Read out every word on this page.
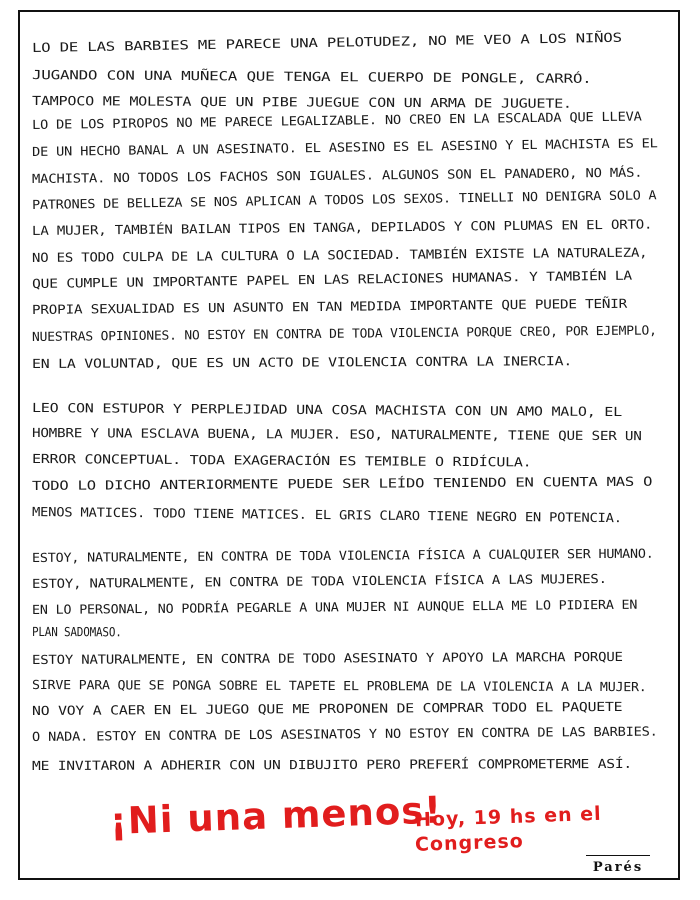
LO DE LAS BARBIES ME PARECE UNA PELOTUDEZ, NO ME VEO A LOS NIÑOS
JUGANDO CON UNA MUÑECA QUE TENGA EL CUERPO DE PONGLE, CARRÓ.
TAMPOCO ME MOLESTA QUE UN PIBE JUEGUE CON UN ARMA DE JUGUETE.
LO DE LOS PIROPOS NO ME PARECE LEGALIZABLE. NO CREO EN LA ESCALADA QUE LLEVA
DE UN HECHO BANAL A UN ASESINATO. EL ASESINO ES EL ASESINO Y EL MACHISTA ES EL
MACHISTA. NO TODOS LOS FACHOS SON IGUALES. ALGUNOS SON EL PANADERO, NO MÁS.
PATRONES DE BELLEZA SE NOS APLICAN A TODOS LOS SEXOS. TINELLI NO DENIGRA SOLO A
LA MUJER, TAMBIÉN BAILAN TIPOS EN TANGA, DEPILADOS Y CON PLUMAS EN EL ORTO.
NO ES TODO CULPA DE LA CULTURA O LA SOCIEDAD. TAMBIÉN EXISTE LA NATURALEZA,
QUE CUMPLE UN IMPORTANTE PAPEL EN LAS RELACIONES HUMANAS. Y TAMBIÉN LA
PROPIA SEXUALIDAD ES UN ASUNTO EN TAN MEDIDA IMPORTANTE QUE PUEDE TEÑIR
NUESTRAS OPINIONES. NO ESTOY EN CONTRA DE TODA VIOLENCIA PORQUE CREO, POR EJEMPLO,
EN LA VOLUNTAD, QUE ES UN ACTO DE VIOLENCIA CONTRA LA INERCIA.
LEO CON ESTUPOR Y PERPLEJIDAD UNA COSA MACHISTA CON UN AMO MALO, EL
HOMBRE Y UNA ESCLAVA BUENA, LA MUJER. ESO, NATURALMENTE, TIENE QUE SER UN
ERROR CONCEPTUAL. TODA EXAGERACIÓN ES TEMIBLE O RIDÍCULA.
TODO LO DICHO ANTERIORMENTE PUEDE SER LEÍDO TENIENDO EN CUENTA MAS O
MENOS MATICES. TODO TIENE MATICES. EL GRIS CLARO TIENE NEGRO EN POTENCIA.
ESTOY, NATURALMENTE, EN CONTRA DE TODA VIOLENCIA FÍSICA A CUALQUIER SER HUMANO.
ESTOY, NATURALMENTE, EN CONTRA DE TODA VIOLENCIA FÍSICA A LAS MUJERES.
EN LO PERSONAL, NO PODRÍA PEGARLE A UNA MUJER NI AUNQUE ELLA ME LO PIDIERA EN
PLAN SADOMASO.
ESTOY NATURALMENTE, EN CONTRA DE TODO ASESINATO Y APOYO LA MARCHA PORQUE
SIRVE PARA QUE SE PONGA SOBRE EL TAPETE EL PROBLEMA DE LA VIOLENCIA A LA MUJER.
NO VOY A CAER EN EL JUEGO QUE ME PROPONEN DE COMPRAR TODO EL PAQUETE
O NADA. ESTOY EN CONTRA DE LOS ASESINATOS Y NO ESTOY EN CONTRA DE LAS BARBIES.
ME INVITARON A ADHERIR CON UN DIBUJITO PERO PREFERÍ COMPROMETERME ASÍ.
¡Ni una menos!
Hoy, 19 hs en el
Congreso
Parés
